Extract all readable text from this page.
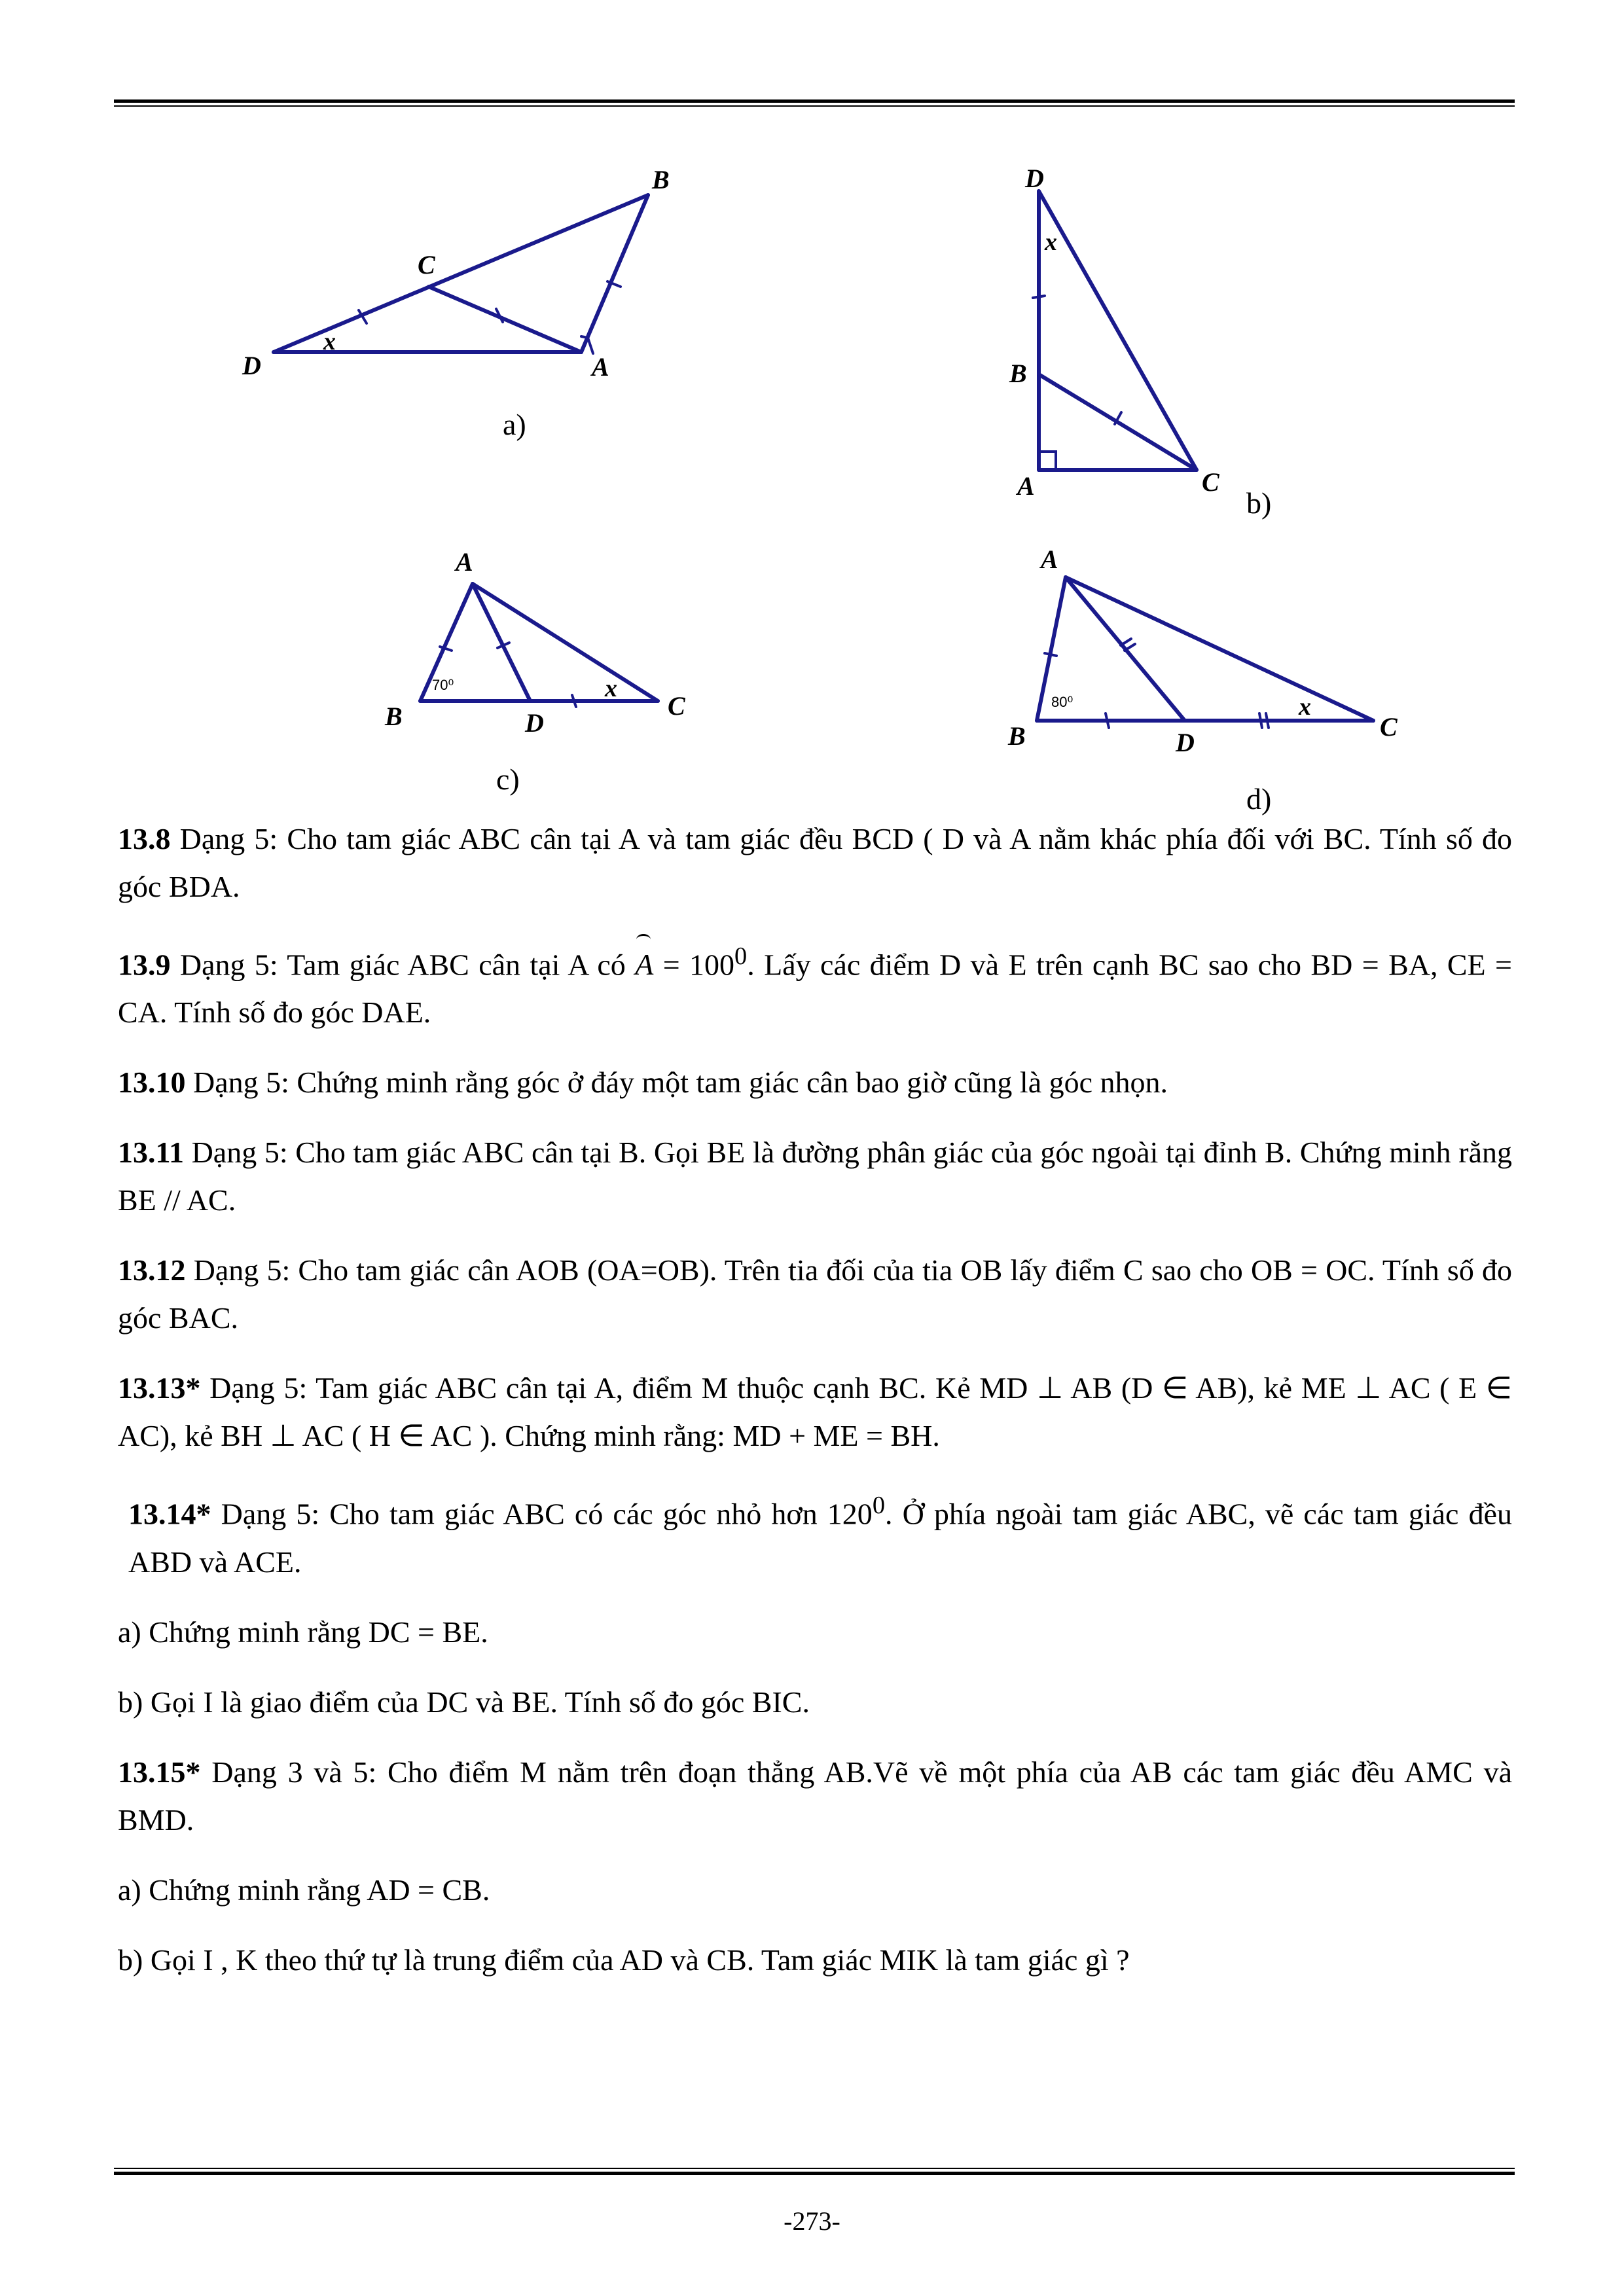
B
C
D	A
x
a)
D
x
B
A	C
b)
A
B	D
C
x
70⁰
c)
A
B	D
C
x
80⁰
d)

13.8 Dạng 5: Cho tam giác ABC cân tại A và tam giác đều BCD ( D và A nằm khác phía đối với BC. Tính số đo góc BDA.

13.9 Dạng 5: Tam giác ABC cân tại A có $A = 100^0$. Lấy các điểm D và E trên cạnh BC sao cho BD = BA, CE = CA. Tính số đo góc DAE.

13.10 Dạng 5: Chứng minh rằng góc ở đáy một tam giác cân bao giờ cũng là góc nhọn.

13.11 Dạng 5: Cho tam giác ABC cân tại B. Gọi BE là đường phân giác của góc ngoài tại đỉnh B. Chứng minh rằng BE // AC.

13.12 Dạng 5: Cho tam giác cân AOB (OA=OB). Trên tia đối của tia OB lấy điểm C sao cho OB = OC. Tính số đo góc BAC.

13.13* Dạng 5: Tam giác ABC cân tại A, điểm M thuộc cạnh BC. Kẻ MD ⊥ AB (D ∈ AB), kẻ ME ⊥ AC ( E ∈ AC), kẻ BH ⊥ AC ( H ∈ AC ). Chứng minh rằng: MD + ME = BH.

13.14* Dạng 5: Cho tam giác ABC có các góc nhỏ hơn $120^0$. Ở phía ngoài tam giác ABC, vẽ các tam giác đều ABD và ACE.

a) Chứng minh rằng DC = BE.

b) Gọi I là giao điểm của DC và BE. Tính số đo góc BIC.

13.15* Dạng 3 và 5: Cho điểm M nằm trên đoạn thẳng AB.Vẽ về một phía của AB các tam giác đều AMC và BMD.

a) Chứng minh rằng AD = CB.

b) Gọi I , K theo thứ tự là trung điểm của AD và CB. Tam giác MIK là tam giác gì ?

-273-
